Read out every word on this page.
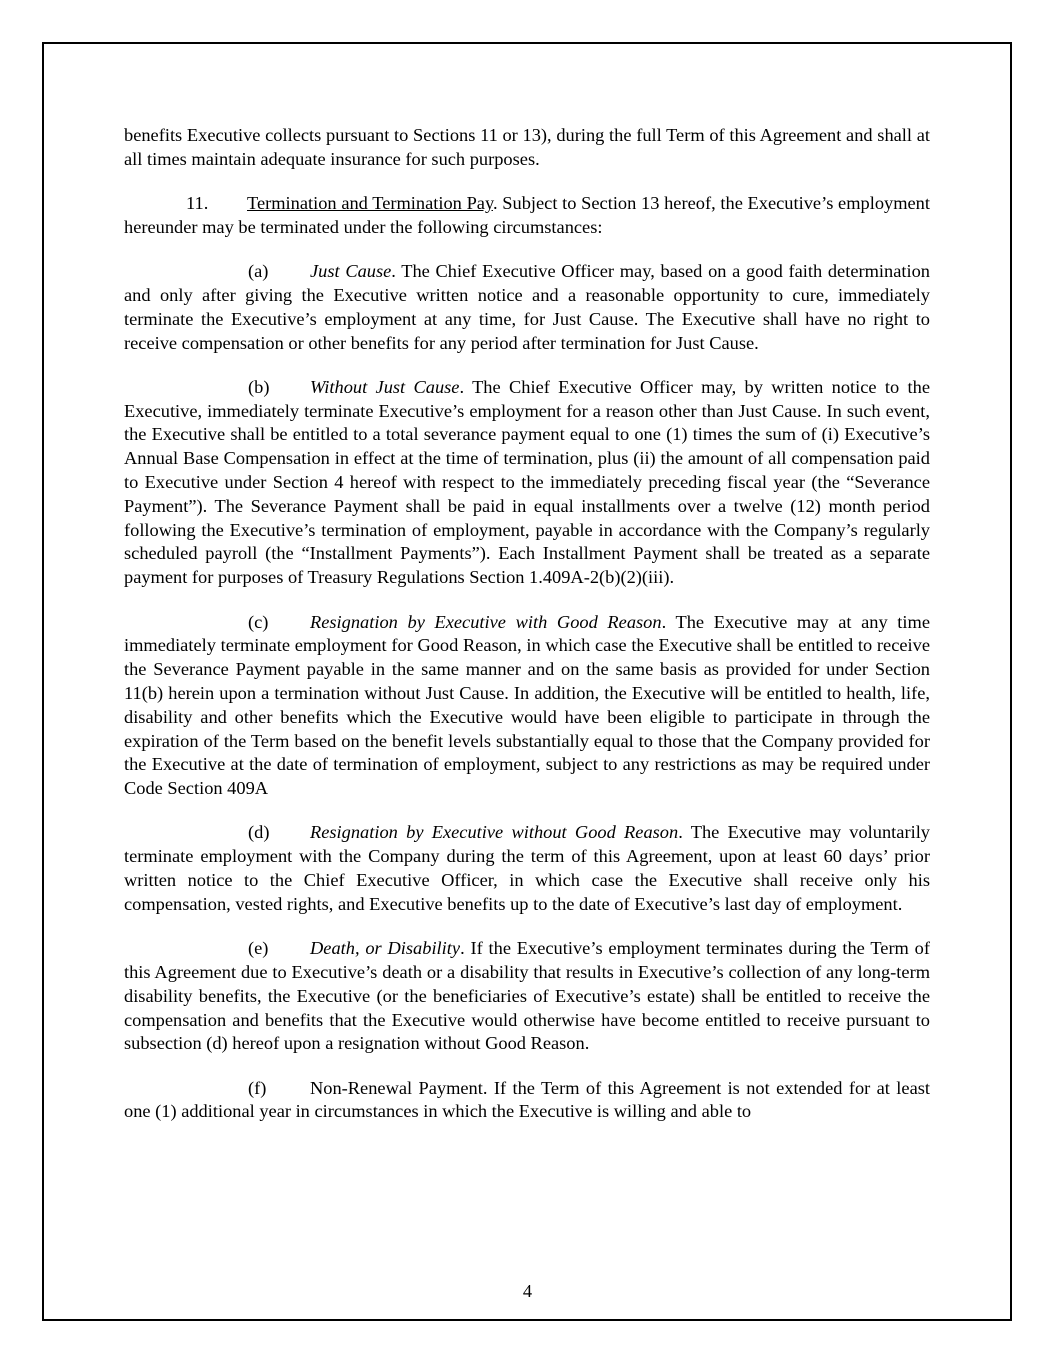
benefits Executive collects pursuant to Sections 11 or 13), during the full Term of this Agreement and shall at all times maintain adequate insurance for such purposes.

11. Termination and Termination Pay. Subject to Section 13 hereof, the Executive’s employment hereunder may be terminated under the following circumstances:

(a) Just Cause. The Chief Executive Officer may, based on a good faith determination and only after giving the Executive written notice and a reasonable opportunity to cure, immediately terminate the Executive’s employment at any time, for Just Cause. The Executive shall have no right to receive compensation or other benefits for any period after termination for Just Cause.

(b) Without Just Cause. The Chief Executive Officer may, by written notice to the Executive, immediately terminate Executive’s employment for a reason other than Just Cause. In such event, the Executive shall be entitled to a total severance payment equal to one (1) times the sum of (i) Executive’s Annual Base Compensation in effect at the time of termination, plus (ii) the amount of all compensation paid to Executive under Section 4 hereof with respect to the immediately preceding fiscal year (the “Severance Payment”). The Severance Payment shall be paid in equal installments over a twelve (12) month period following the Executive’s termination of employment, payable in accordance with the Company’s regularly scheduled payroll (the “Installment Payments”). Each Installment Payment shall be treated as a separate payment for purposes of Treasury Regulations Section 1.409A-2(b)(2)(iii).

(c) Resignation by Executive with Good Reason. The Executive may at any time immediately terminate employment for Good Reason, in which case the Executive shall be entitled to receive the Severance Payment payable in the same manner and on the same basis as provided for under Section 11(b) herein upon a termination without Just Cause. In addition, the Executive will be entitled to health, life, disability and other benefits which the Executive would have been eligible to participate in through the expiration of the Term based on the benefit levels substantially equal to those that the Company provided for the Executive at the date of termination of employment, subject to any restrictions as may be required under Code Section 409A

(d) Resignation by Executive without Good Reason. The Executive may voluntarily terminate employment with the Company during the term of this Agreement, upon at least 60 days’ prior written notice to the Chief Executive Officer, in which case the Executive shall receive only his compensation, vested rights, and Executive benefits up to the date of Executive’s last day of employment.

(e) Death, or Disability. If the Executive’s employment terminates during the Term of this Agreement due to Executive’s death or a disability that results in Executive’s collection of any long-term disability benefits, the Executive (or the beneficiaries of Executive’s estate) shall be entitled to receive the compensation and benefits that the Executive would otherwise have become entitled to receive pursuant to subsection (d) hereof upon a resignation without Good Reason.

(f) Non-Renewal Payment. If the Term of this Agreement is not extended for at least one (1) additional year in circumstances in which the Executive is willing and able to

4
